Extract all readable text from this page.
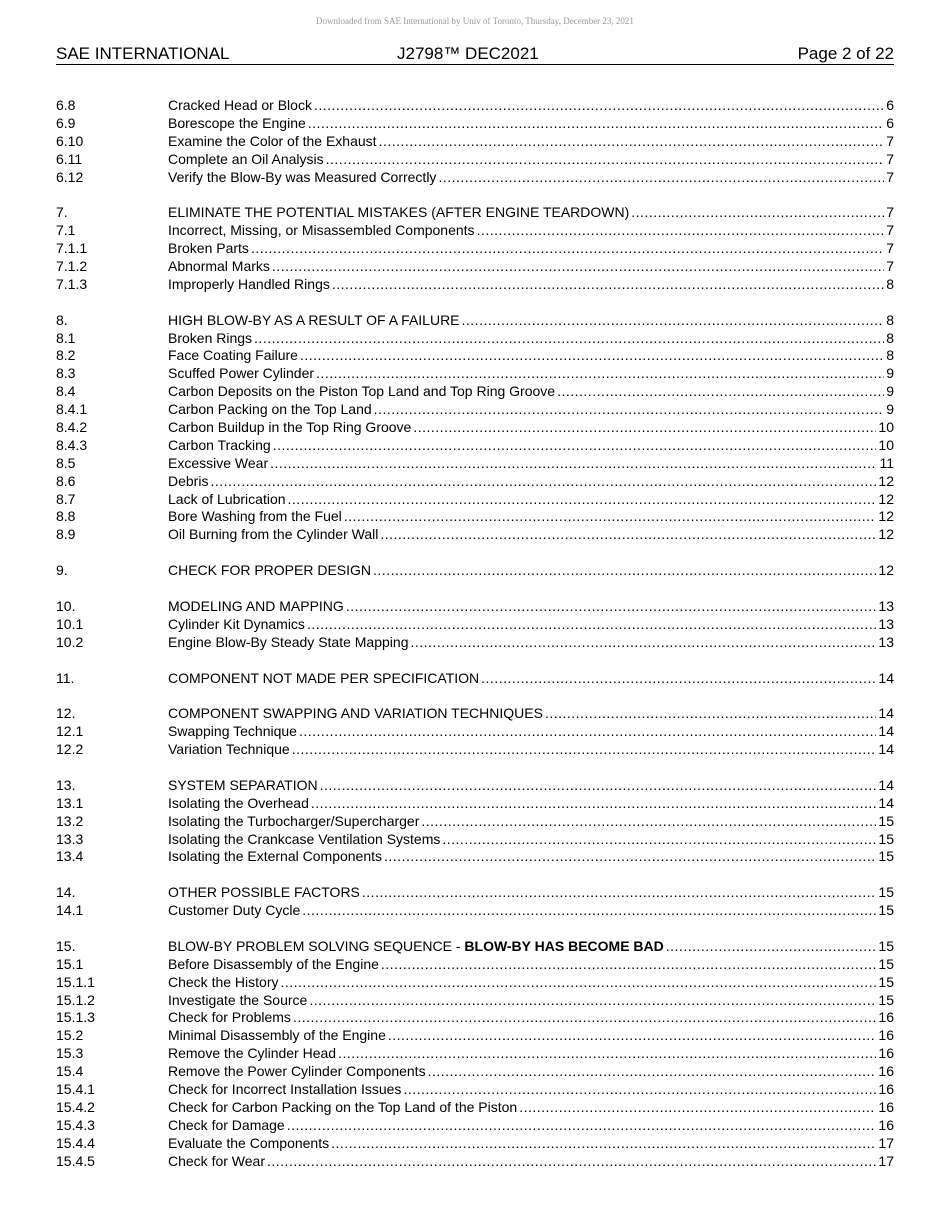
Downloaded from SAE International by Univ of Toronto, Thursday, December 23, 2021
SAE INTERNATIONAL	J2798™ DEC2021	Page 2 of 22
6.8	Cracked Head or Block .....	6
6.9	Borescope the Engine .....	6
6.10	Examine the Color of the Exhaust .....	7
6.11	Complete an Oil Analysis .....	7
6.12	Verify the Blow-By was Measured Correctly .....	7
7.	ELIMINATE THE POTENTIAL MISTAKES (AFTER ENGINE TEARDOWN) .....	7
7.1	Incorrect, Missing, or Misassembled Components .....	7
7.1.1	Broken Parts .....	7
7.1.2	Abnormal Marks .....	7
7.1.3	Improperly Handled Rings .....	8
8.	HIGH BLOW-BY AS A RESULT OF A FAILURE .....	8
8.1	Broken Rings .....	8
8.2	Face Coating Failure .....	8
8.3	Scuffed Power Cylinder .....	9
8.4	Carbon Deposits on the Piston Top Land and Top Ring Groove .....	9
8.4.1	Carbon Packing on the Top Land .....	9
8.4.2	Carbon Buildup in the Top Ring Groove .....	10
8.4.3	Carbon Tracking .....	10
8.5	Excessive Wear .....	11
8.6	Debris .....	12
8.7	Lack of Lubrication .....	12
8.8	Bore Washing from the Fuel .....	12
8.9	Oil Burning from the Cylinder Wall .....	12
9.	CHECK FOR PROPER DESIGN .....	12
10.	MODELING AND MAPPING .....	13
10.1	Cylinder Kit Dynamics .....	13
10.2	Engine Blow-By Steady State Mapping .....	13
11.	COMPONENT NOT MADE PER SPECIFICATION .....	14
12.	COMPONENT SWAPPING AND VARIATION TECHNIQUES .....	14
12.1	Swapping Technique .....	14
12.2	Variation Technique .....	14
13.	SYSTEM SEPARATION .....	14
13.1	Isolating the Overhead .....	14
13.2	Isolating the Turbocharger/Supercharger .....	15
13.3	Isolating the Crankcase Ventilation Systems .....	15
13.4	Isolating the External Components .....	15
14.	OTHER POSSIBLE FACTORS .....	15
14.1	Customer Duty Cycle .....	15
15.	BLOW-BY PROBLEM SOLVING SEQUENCE - BLOW-BY HAS BECOME BAD .....	15
15.1	Before Disassembly of the Engine .....	15
15.1.1	Check the History .....	15
15.1.2	Investigate the Source .....	15
15.1.3	Check for Problems .....	16
15.2	Minimal Disassembly of the Engine .....	16
15.3	Remove the Cylinder Head .....	16
15.4	Remove the Power Cylinder Components .....	16
15.4.1	Check for Incorrect Installation Issues .....	16
15.4.2	Check for Carbon Packing on the Top Land of the Piston .....	16
15.4.3	Check for Damage .....	16
15.4.4	Evaluate the Components .....	17
15.4.5	Check for Wear .....	17
